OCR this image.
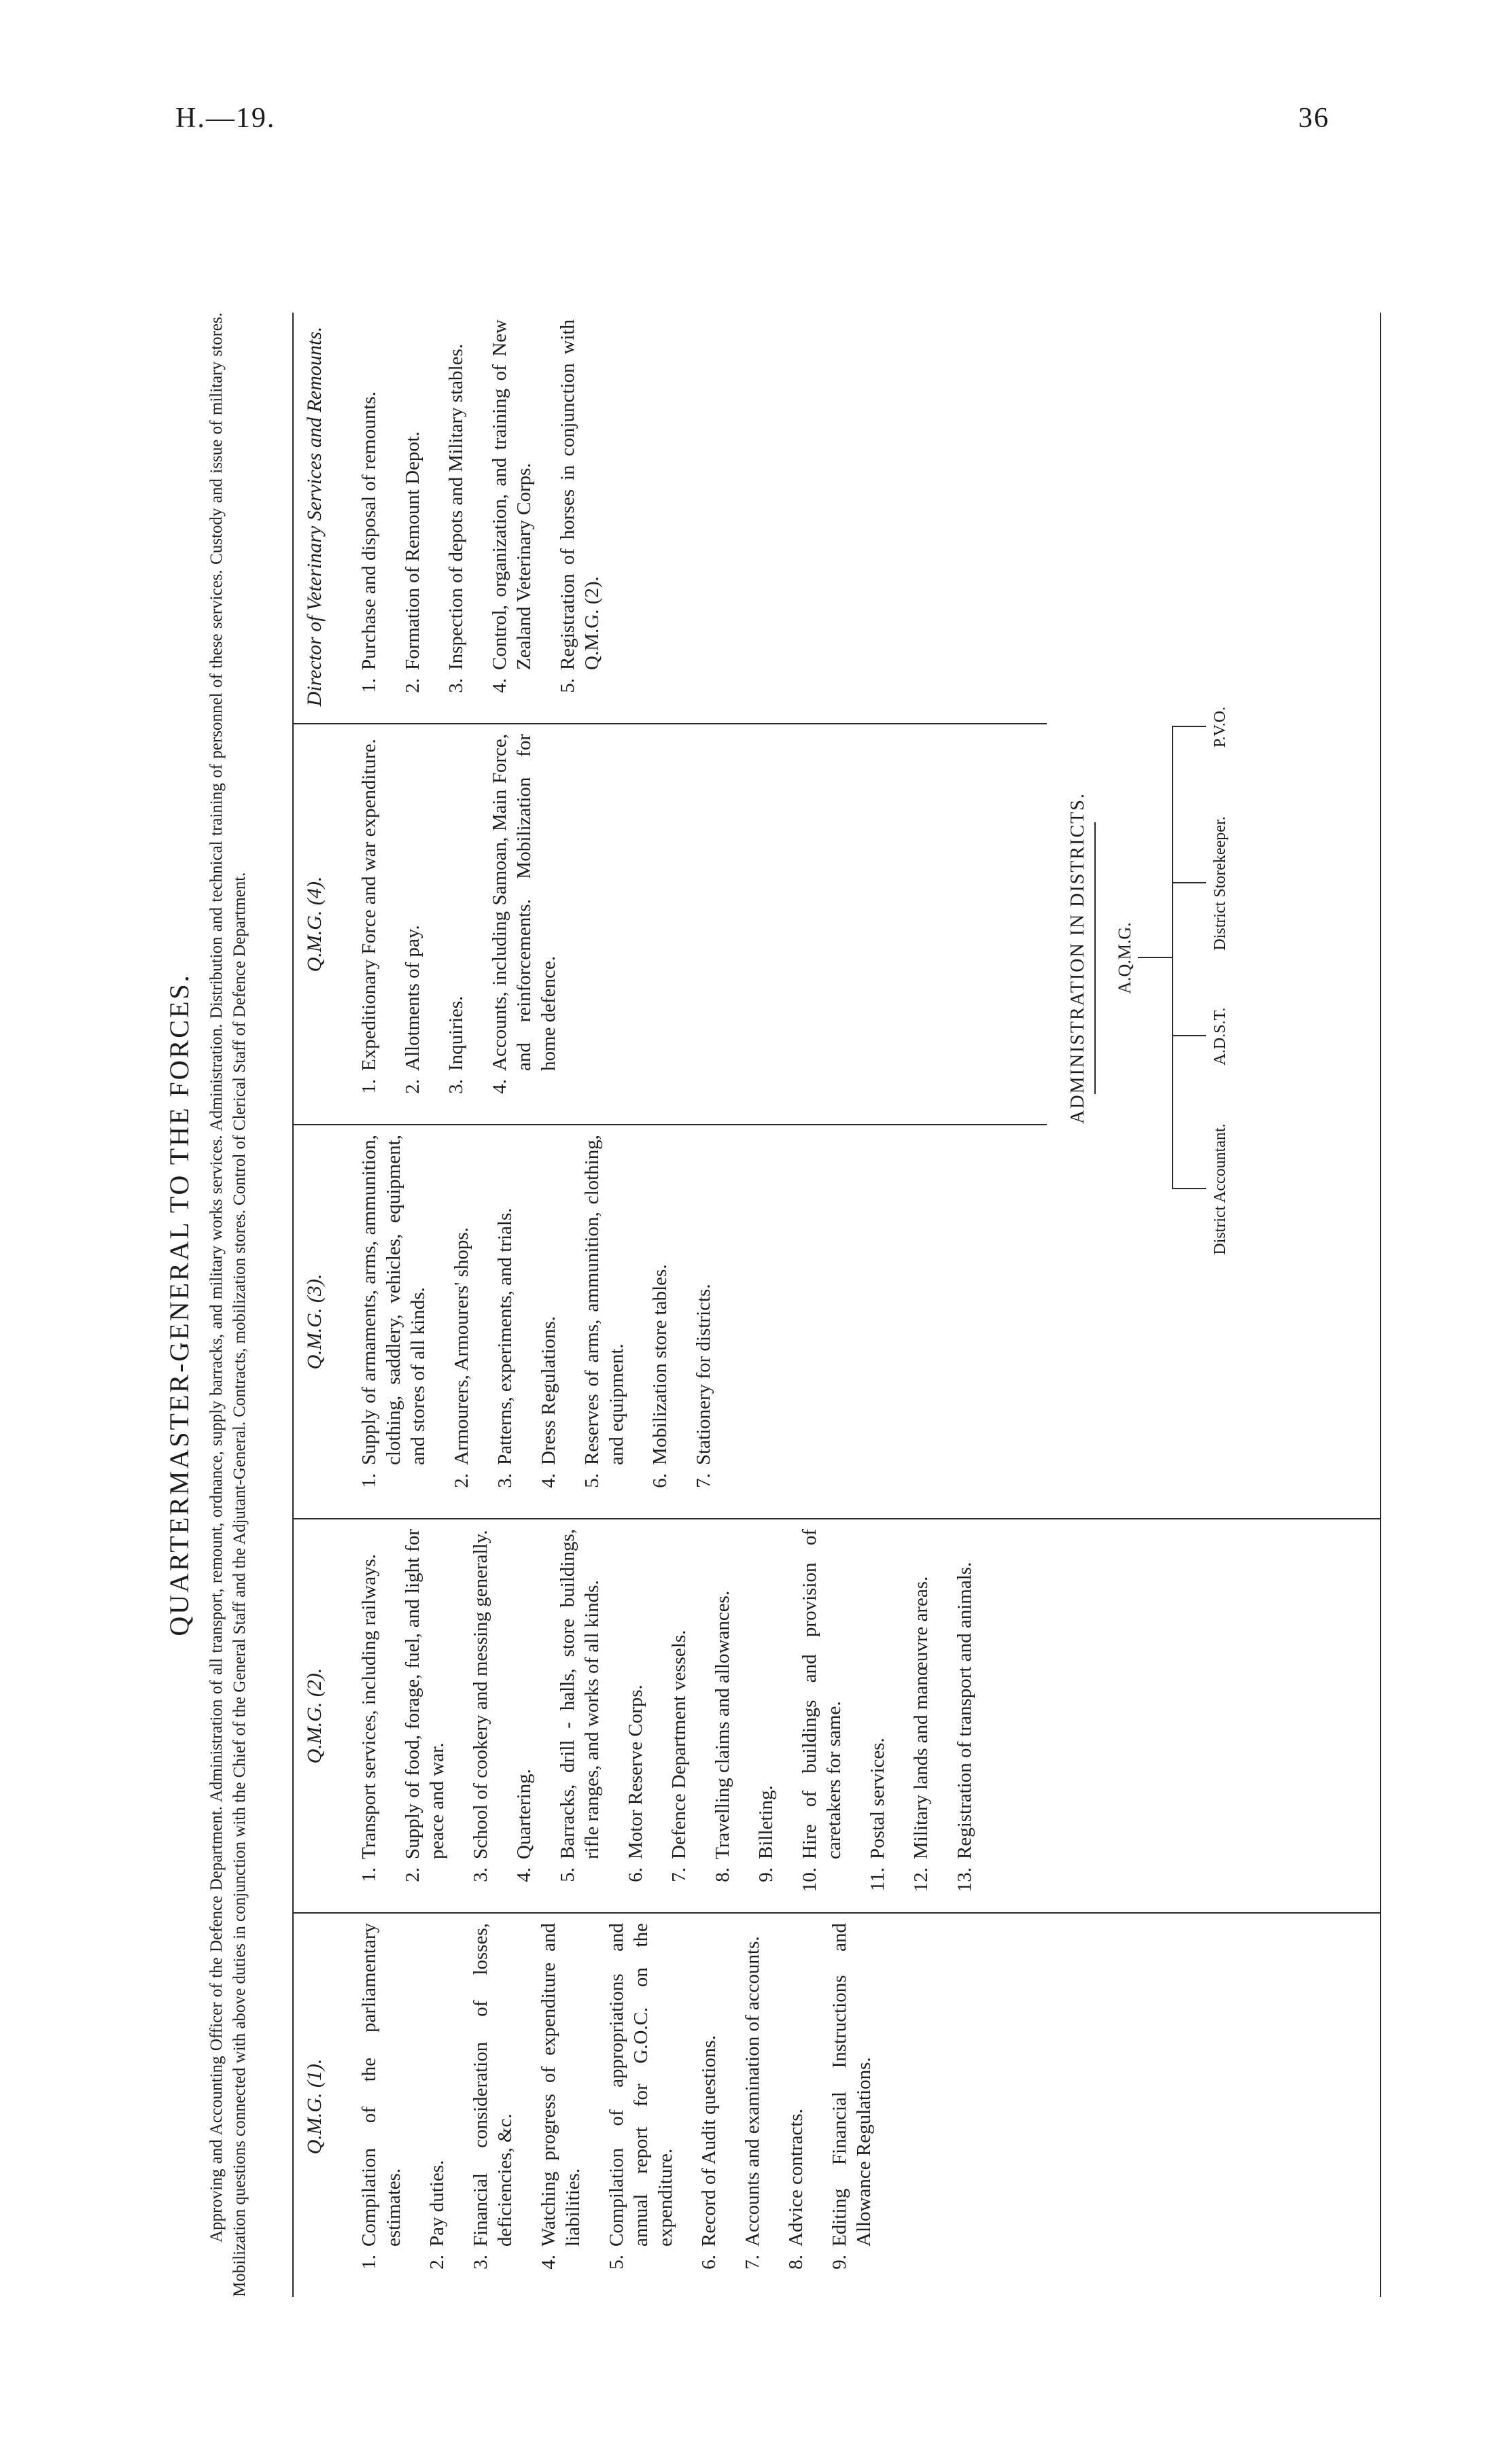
H.—19.	36
QUARTERMASTER-GENERAL TO THE FORCES. Approving and Accounting Officer of the Defence Department. Administration of all transport, remount, ordnance, supply barracks, and military works services. Administration. Distribution and technical training of personnel of these services. Custody and issue of military stores. Mobilization questions connected with above duties in conjunction with the Chief of the General Staff and the Adjutant-General. Contracts, mobilization stores. Control of Clerical Staff of Defence Department.	Q.M.G. (1).
1.
Compilation of the parliamentary estimates.
2.
Pay duties.
3.
Financial consideration of losses, deficiencies, &c.
4.
Watching progress of expenditure and liabilities.
5.
Compilation of appropriations and annual report for G.O.C. on the expenditure.
6.
Record of Audit questions.
7.
Accounts and examination of accounts.
8.
Advice contracts.
9.
Editing Financial Instructions and Allowance Regulations.
Q.M.G. (2).
1.
Transport services, including railways.
2.
Supply of food, forage, fuel, and light for peace and war.
3.
School of cookery and messing generally.
4.
Quartering.
5.
Barracks, drill - halls, store buildings, rifle ranges, and works of all kinds.
6.
Motor Reserve Corps.
7.
Defence Department vessels.
8.
Travelling claims and allowances.
9.
Billeting.
10.
Hire of buildings and provision of caretakers for same.
11.
Postal services.
12.
Military lands and manœuvre areas.
13.
Registration of transport and animals.
Q.M.G. (3).
1.
Supply of armaments, arms, ammunition, clothing, saddlery, vehicles, equipment, and stores of all kinds.
2.
Armourers, Armourers' shops.
3.
Patterns, experiments, and trials.
4.
Dress Regulations.
5.
Reserves of arms, ammunition, clothing, and equipment.
6.
Mobilization store tables.
7.
Stationery for districts.
Q.M.G. (4).
1.
Expeditionary Force and war expenditure.
2.
Allotments of pay.
3.
Inquiries.
4.
Accounts, including Samoan, Main Force, and reinforcements. Mobilization for home defence.
Director of Veterinary Services and Remounts. 1.
Purchase and disposal of remounts.
2.
Formation of Remount Depot.
3.
Inspection of depots and Military stables.
4.
Control, organization, and training of New Zealand Veterinary Corps.
5.
Registration of horses in conjunction with Q.M.G. (2).
ADMINISTRATION IN DISTRICTS. A.Q.M.G.
District Accountant.
A.D.S.T.
District Storekeeper.
P.V.O.
